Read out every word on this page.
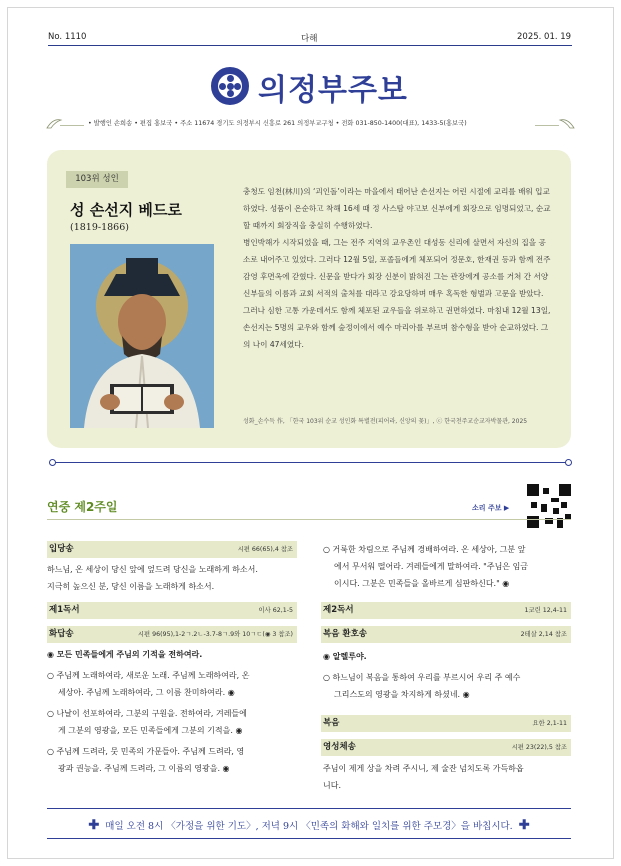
No. 1110	다해	2025. 01. 19
의정부주보
• 발행인 손희송 • 편집 홍보국 • 주소 11674 경기도 의정부시 신흥로 261 의정부교구청 • 전화 031-850-1400(대표), 1433-5(홍보국)
103위 성인
성 손선지 베드로
(1819-1866)

충청도 임천(林川)의 ‘괴인돌’이라는 마을에서 태어난 손선지는 어린 시절에 교리를 배워 입교하였다. 성품이 온순하고 착해 16세 때 정 사스탐 야고보 신부에게 회장으로 임명되었고, 순교할 때까지 회장직을 충실히 수행하였다.

병인박해가 시작되었을 때, 그는 전주 지역의 교우촌인 대성동 신리에 살면서 자신의 집을 공소로 내어주고 있었다. 그러다 12월 5일, 포졸들에게 체포되어 정문호, 한재권 등과 함께 전주 감영 후면옥에 갇혔다. 신문을 받다가 회장 신분이 밝혀진 그는 관장에게 공소를 거쳐 간 서양 신부들의 이름과 교회 서적의 출처를 대라고 강요당하며 매우 혹독한 형벌과 고문을 받았다. 그러나 심한 고통 가운데서도 함께 체포된 교우들을 위로하고 권면하였다. 마침내 12월 13일, 손선지는 5명의 교우와 함께 숲정이에서 예수 마리아를 부르며 참수형을 받아 순교하였다. 그의 나이 47세였다.

성화_손수득 作, 「한국 103위 순교 성인화 특별전(피어라, 신앙의 꽃)」, ⓒ 한국천주교순교자박물관, 2025
연중 제2주일	소리 주보 ▶
입당송	시편 66(65),4 참조
하느님, 온 세상이 당신 앞에 엎드려 당신을 노래하게 하소서.
지극히 높으신 분, 당신 이름을 노래하게 하소서.
제1독서	이사 62,1-5
화답송	시편 96(95),1-2ㄱ.2ㄴ-3.7-8ㄱ.9와 10ㄱㄷ(◉ 3 참조)
◉ 모든 민족들에게 주님의 기적을 전하여라.
○ 주님께 노래하여라, 새로운 노래. 주님께 노래하여라, 온
세상아. 주님께 노래하여라, 그 이름 찬미하여라. ◉
○ 나날이 선포하여라, 그분의 구원을. 전하여라, 겨레들에
게 그분의 영광을, 모든 민족들에게 그분의 기적을. ◉
○ 주님께 드려라, 뭇 민족의 가문들아. 주님께 드려라, 영
광과 권능을. 주님께 드려라, 그 이름의 영광을. ◉
○ 거룩한 차림으로 주님께 경배하여라. 온 세상아, 그분 앞
에서 무서워 떨어라. 겨레들에게 말하여라. "주님은 임금
이시다. 그분은 민족들을 올바르게 심판하신다." ◉
제2독서	1코린 12,4-11
복음 환호송	2테살 2,14 참조
◉ 알렐루야.
○ 하느님이 복음을 통하여 우리를 부르시어 우리 주 예수
그리스도의 영광을 차지하게 하셨네. ◉
복음	요한 2,1-11
영성체송	시편 23(22),5 참조
주님이 제게 상을 차려 주시니, 제 술잔 넘치도록 가득하옵
니다.
✚ 매일 오전 8시 〈가정을 위한 기도〉, 저녁 9시 〈민족의 화해와 일치를 위한 주모경〉을 바칩시다. ✚
